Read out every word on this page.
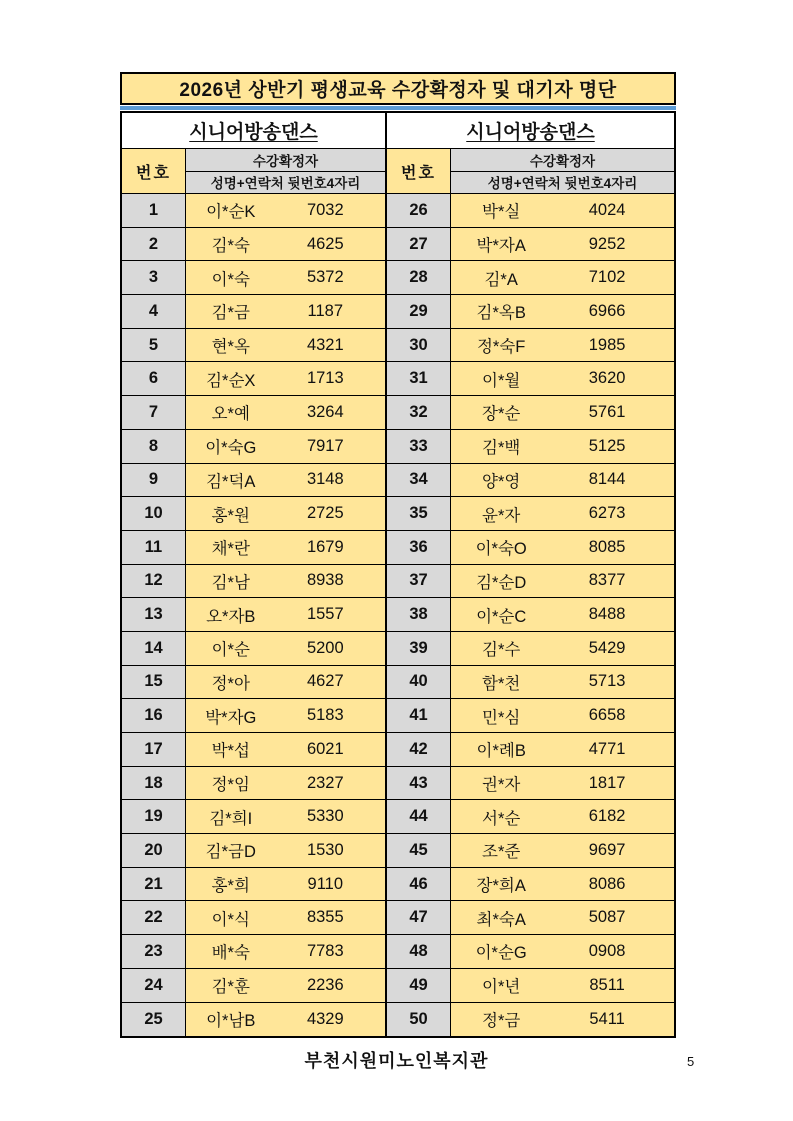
2026년 상반기 평생교육 수강확정자 및 대기자 명단
시니어방송댄스
번호
수강확정자
성명+연락처 뒷번호4자리
1	이*순K	7032
2	김*숙	4625
3	이*숙	5372
4	김*금	1187
5	현*옥	4321
6	김*순X	1713
7	오*예	3264
8	이*숙G	7917
9	김*덕A	3148
10	홍*원	2725
11	채*란	1679
12	김*남	8938
13	오*자B	1557
14	이*순	5200
15	정*아	4627
16	박*자G	5183
17	박*섭	6021
18	정*임	2327
19	김*희I	5330
20	김*금D	1530
21	홍*희	9110
22	이*식	8355
23	배*숙	7783
24	김*훈	2236
25	이*남B	4329
시니어방송댄스
번호
수강확정자
성명+연락처 뒷번호4자리
26	박*실	4024
27	박*자A	9252
28	김*A	7102
29	김*옥B	6966
30	정*숙F	1985
31	이*월	3620
32	장*순	5761
33	김*백	5125
34	양*영	8144
35	윤*자	6273
36	이*숙O	8085
37	김*순D	8377
38	이*순C	8488
39	김*수	5429
40	함*천	5713
41	민*심	6658
42	이*례B	4771
43	권*자	1817
44	서*순	6182
45	조*준	9697
46	장*희A	8086
47	최*숙A	5087
48	이*순G	0908
49	이*년	8511
50	정*금	5411
부천시원미노인복지관	5
